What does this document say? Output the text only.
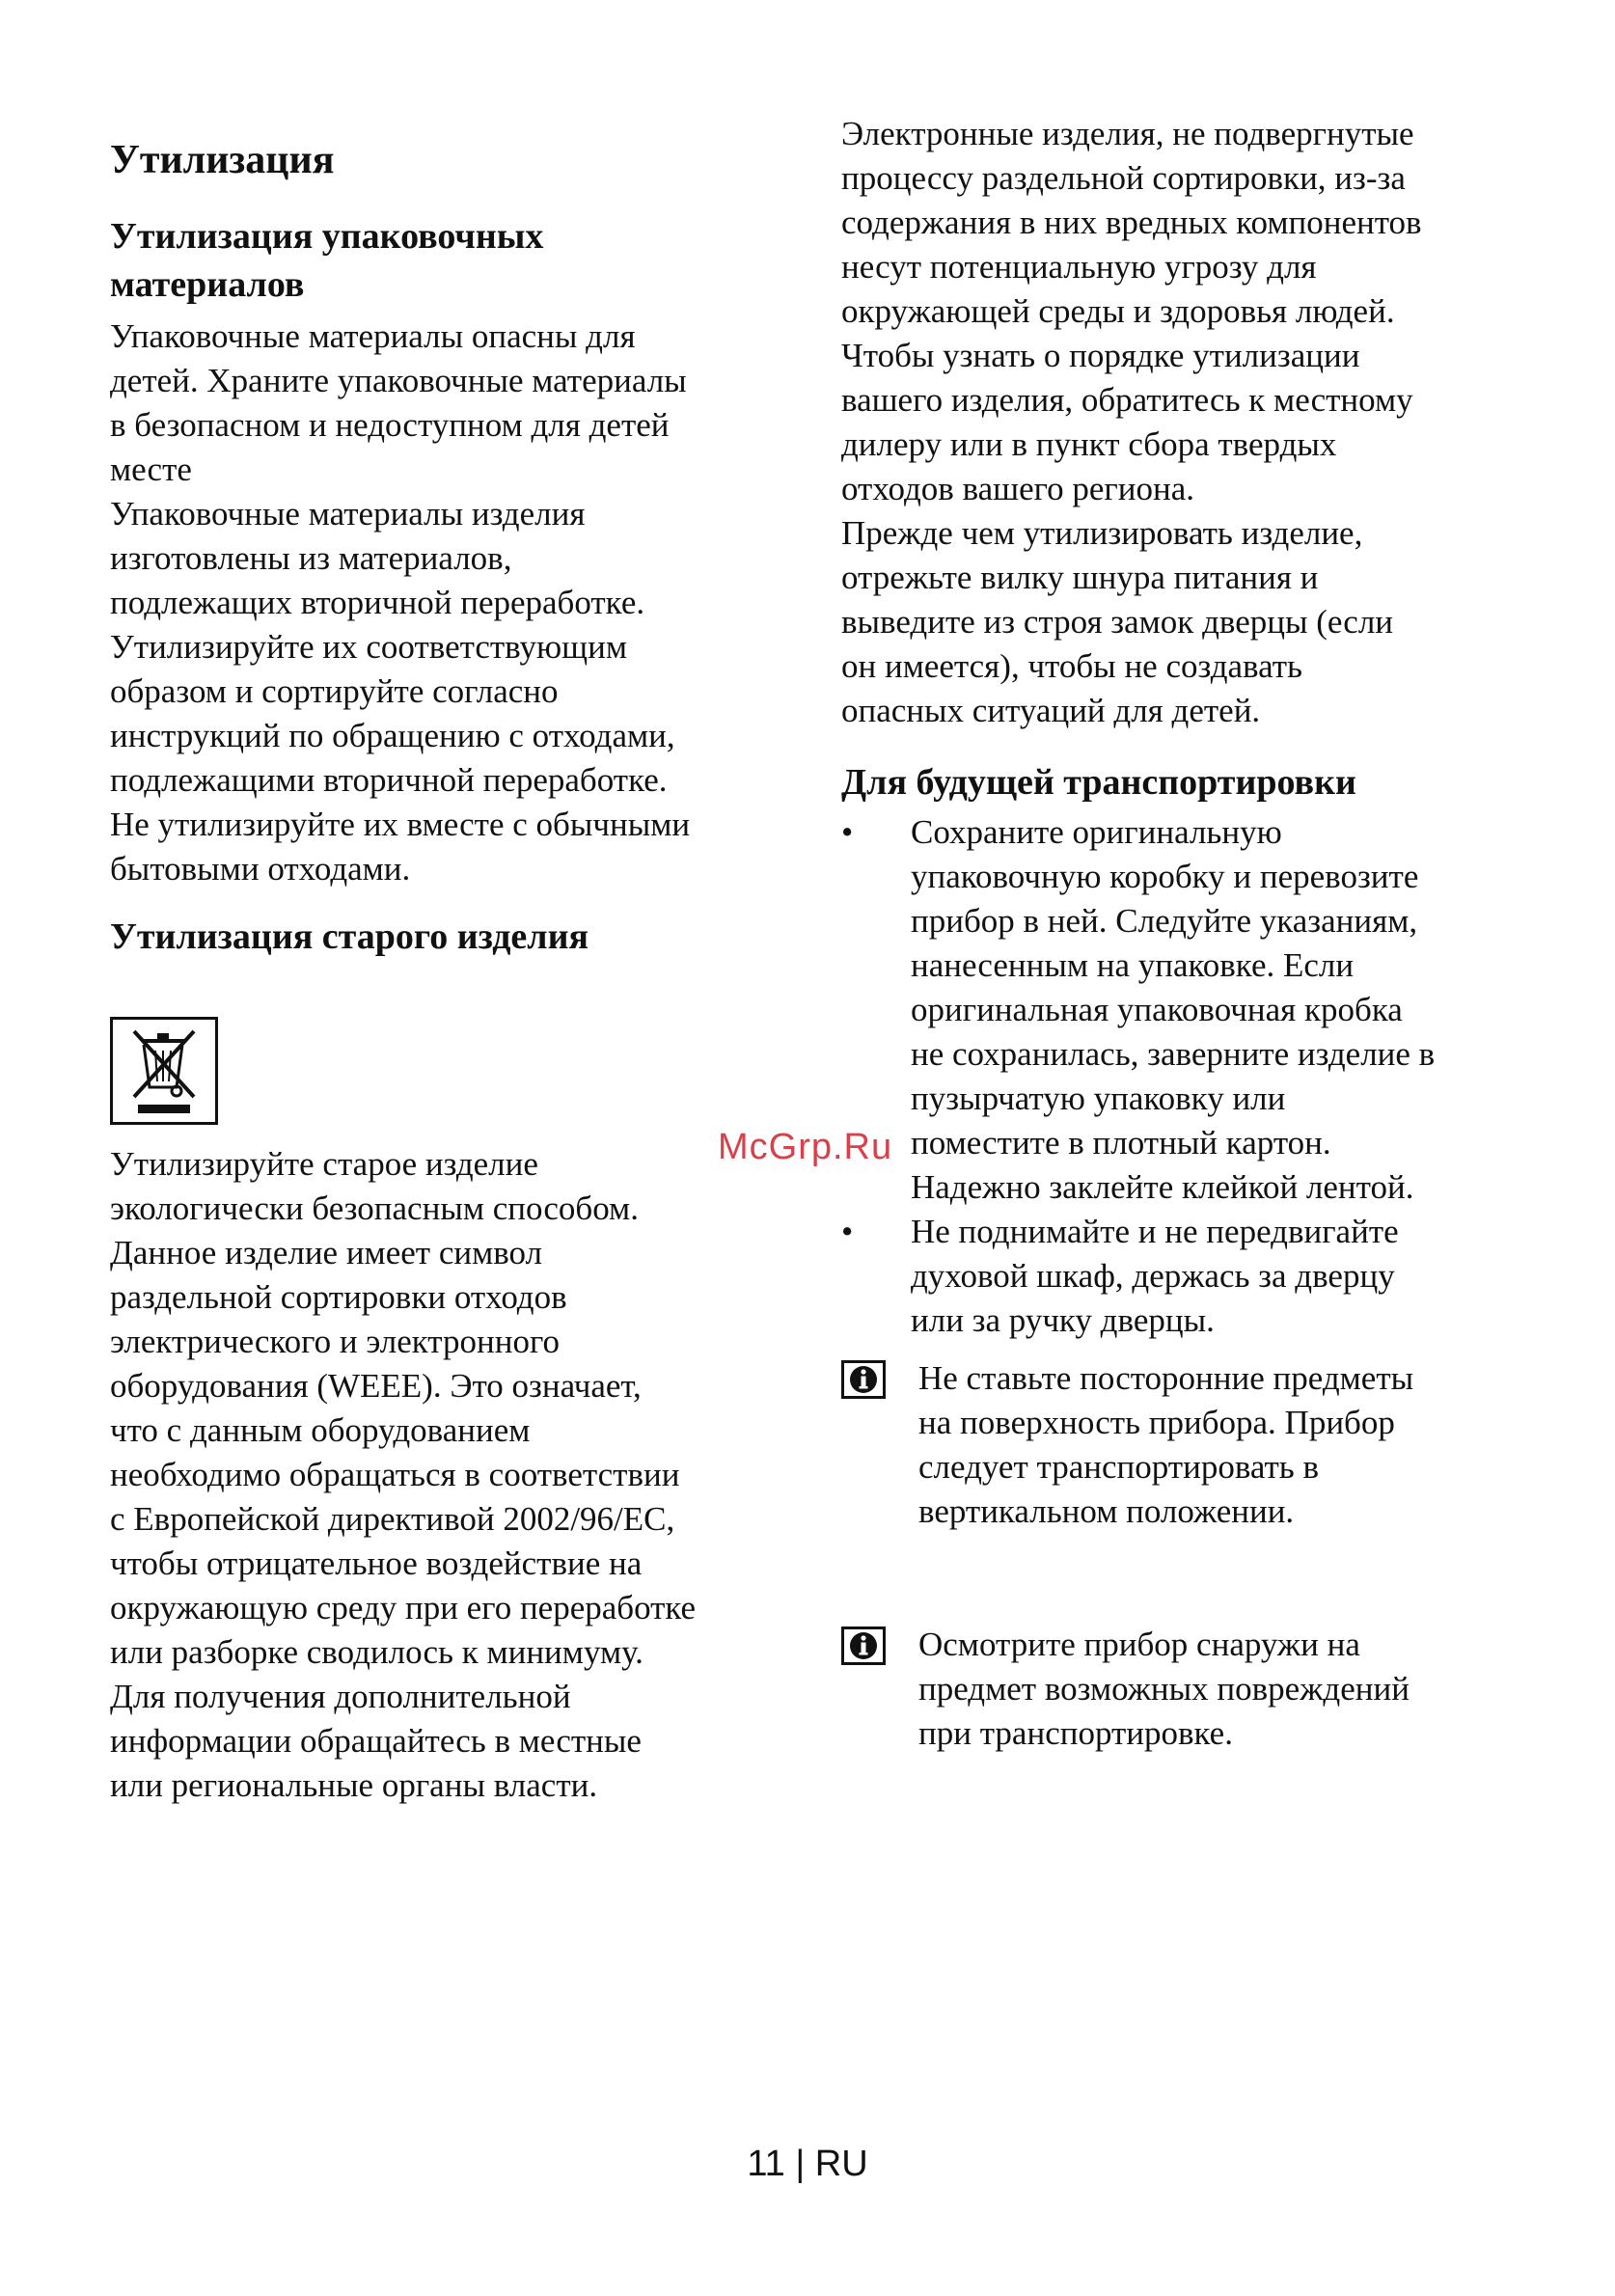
Утилизация
Утилизация упаковочных
материалов

Упаковочные материалы опасны для

детей. Храните упаковочные материалы

в безопасном и недоступном для детей

месте

Упаковочные материалы изделия

изготовлены из материалов,

подлежащих вторичной переработке.

Утилизируйте их соответствующим

образом и сортируйте согласно

инструкций по обращению с отходами,

подлежащими вторичной переработке.

Не утилизируйте их вместе с обычными

бытовыми отходами.

Утилизация старого изделия

Утилизируйте старое изделие

экологически безопасным способом.

Данное изделие имеет символ

раздельной сортировки отходов

электрического и электронного

оборудования (WEEE). Это означает,

что с данным оборудованием

необходимо обращаться в соответствии

с Европейской директивой 2002/96/EC,

чтобы отрицательное воздействие на

окружающую среду при его переработке

или разборке сводилось к минимуму.

Для получения дополнительной

информации обращайтесь в местные

или региональные органы власти.

Электронные изделия, не подвергнутые

процессу раздельной сортировки, из-за

содержания в них вредных компонентов

несут потенциальную угрозу для

окружающей среды и здоровья людей.

Чтобы узнать о порядке утилизации

вашего изделия, обратитесь к местному

дилеру или в пункт сбора твердых

отходов вашего региона.

Прежде чем утилизировать изделие,

отрежьте вилку шнура питания и

выведите из строя замок дверцы (если

он имеется), чтобы не создавать

опасных ситуаций для детей.

Для будущей транспортировки
• Сохраните оригинальную
упаковочную коробку и перевозите
прибор в ней. Следуйте указаниям,
нанесенным на упаковке. Если
оригинальная упаковочная кробка
не сохранилась, заверните изделие в
пузырчатую упаковку или
поместите в плотный картон.
Надежно заклейте клейкой лентой.
• Не поднимайте и не передвигайте
духовой шкаф, держась за дверцу
или за ручку дверцы.
Не ставьте посторонние предметы
на поверхность прибора. Прибор
следует транспортировать в
вертикальном положении.
Осмотрите прибор снаружи на
предмет возможных повреждений
при транспортировке.
McGrp.Ru
11 | RU
